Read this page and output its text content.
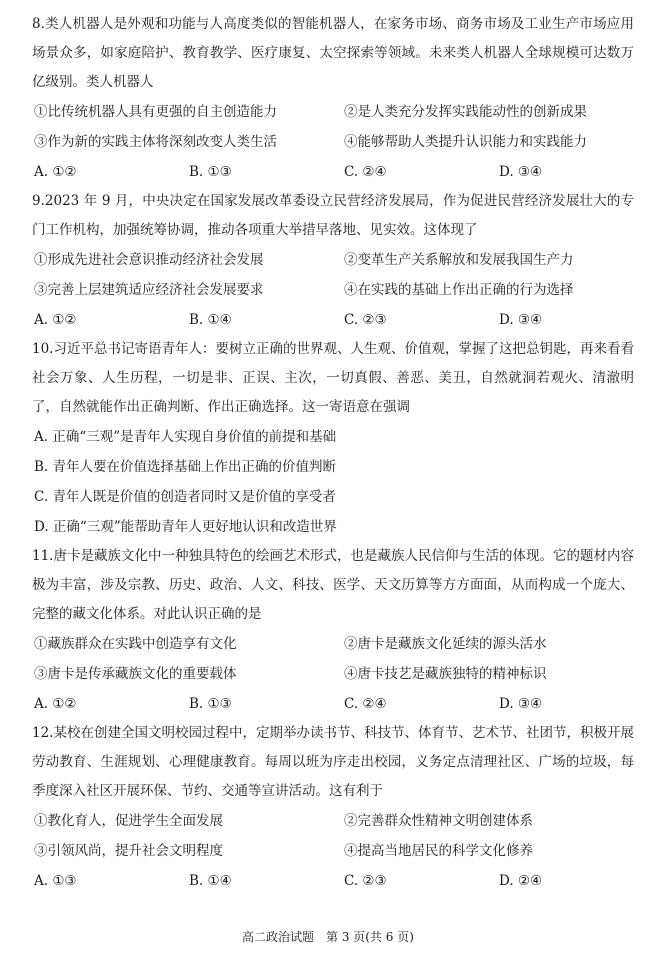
8.类人机器人是外观和功能与人高度类似的智能机器人，在家务市场、商务市场及工业生产市场应用场景众多，如家庭陪护、教育教学、医疗康复、太空探索等领域。未来类人机器人全球规模可达数万亿级别。类人机器人

①比传统机器人具有更强的自主创造能力	②是人类充分发挥实践能动性的创新成果
③作为新的实践主体将深刻改变人类生活	④能够帮助人类提升认识能力和实践能力
A. ①②	B. ①③	C. ②④	D. ③④

9.2023 年 9 月，中央决定在国家发展改革委设立民营经济发展局，作为促进民营经济发展壮大的专门工作机构，加强统筹协调，推动各项重大举措早落地、见实效。这体现了

①形成先进社会意识推动经济社会发展	②变革生产关系解放和发展我国生产力
③完善上层建筑适应经济社会发展要求	④在实践的基础上作出正确的行为选择
A. ①②	B. ①④	C. ②③	D. ③④

10.习近平总书记寄语青年人：要树立正确的世界观、人生观、价值观，掌握了这把总钥匙，再来看看社会万象、人生历程，一切是非、正误、主次，一切真假、善恶、美丑，自然就洞若观火、清澈明了，自然就能作出正确判断、作出正确选择。这一寄语意在强调

A. 正确“三观”是青年人实现自身价值的前提和基础
B. 青年人要在价值选择基础上作出正确的价值判断
C. 青年人既是价值的创造者同时又是价值的享受者
D. 正确“三观”能帮助青年人更好地认识和改造世界

11.唐卡是藏族文化中一种独具特色的绘画艺术形式，也是藏族人民信仰与生活的体现。它的题材内容极为丰富，涉及宗教、历史、政治、人文、科技、医学、天文历算等方方面面，从而构成一个庞大、完整的藏文化体系。对此认识正确的是

①藏族群众在实践中创造享有文化	②唐卡是藏族文化延续的源头活水
③唐卡是传承藏族文化的重要载体	④唐卡技艺是藏族独特的精神标识
A. ①②	B. ①③	C. ②④	D. ③④

12.某校在创建全国文明校园过程中，定期举办读书节、科技节、体育节、艺术节、社团节，积极开展劳动教育、生涯规划、心理健康教育。每周以班为序走出校园，义务定点清理社区、广场的垃圾，每季度深入社区开展环保、节约、交通等宣讲活动。这有利于

①教化育人，促进学生全面发展	②完善群众性精神文明创建体系
③引领风尚，提升社会文明程度	④提高当地居民的科学文化修养
A. ①③	B. ①④	C. ②③	D. ②④
高二政治试题 第 3 页(共 6 页)
